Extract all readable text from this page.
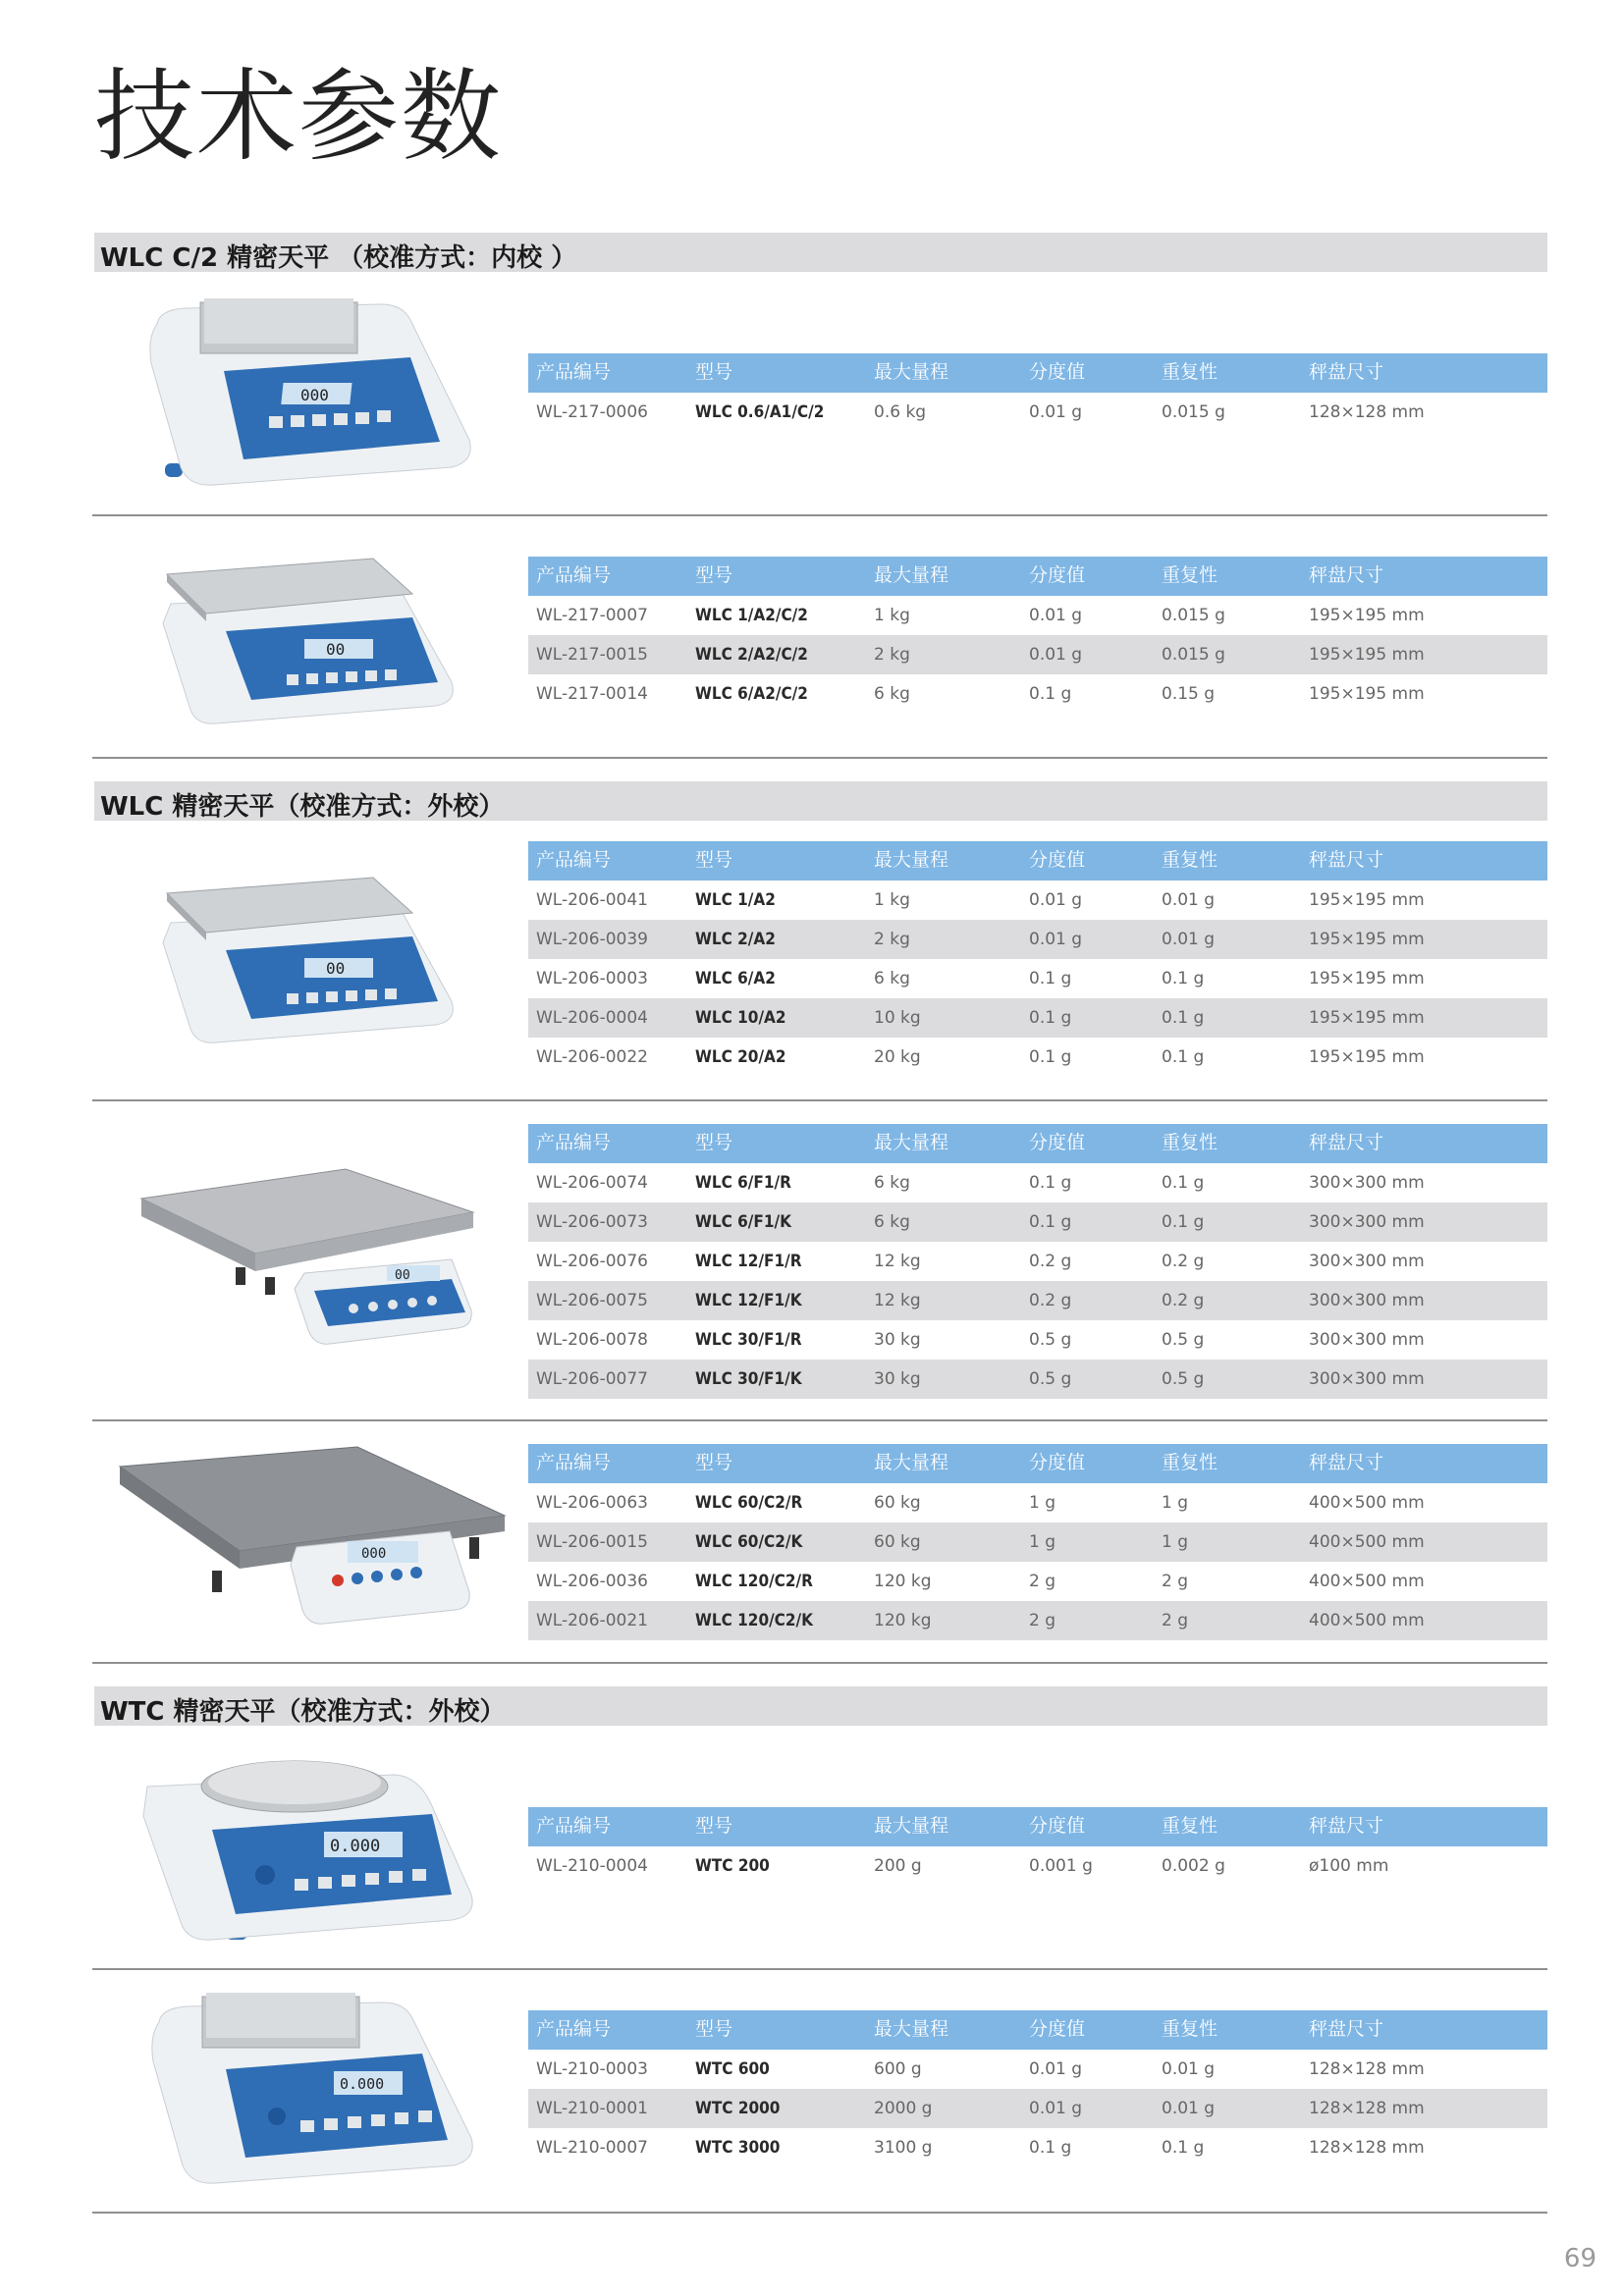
技术参数
WLC C/2 精密天平 （校准方式：内校 ）
WLC 精密天平（校准方式：外校）
WTC 精密天平（校准方式：外校）
产品编号	型号	最大量程	分度值	重复性	秤盘尺寸
WL-217-0006	WLC 0.6/A1/C/2	0.6 kg	0.01 g	0.015 g	128×128 mm
产品编号	型号	最大量程	分度值	重复性	秤盘尺寸
WL-217-0007	WLC 1/A2/C/2	1 kg	0.01 g	0.015 g	195×195 mm
WL-217-0015	WLC 2/A2/C/2	2 kg	0.01 g	0.015 g	195×195 mm
WL-217-0014	WLC 6/A2/C/2	6 kg	0.1 g	0.15 g	195×195 mm
产品编号	型号	最大量程	分度值	重复性	秤盘尺寸
WL-206-0041	WLC 1/A2	1 kg	0.01 g	0.01 g	195×195 mm
WL-206-0039	WLC 2/A2	2 kg	0.01 g	0.01 g	195×195 mm
WL-206-0003	WLC 6/A2	6 kg	0.1 g	0.1 g	195×195 mm
WL-206-0004	WLC 10/A2	10 kg	0.1 g	0.1 g	195×195 mm
WL-206-0022	WLC 20/A2	20 kg	0.1 g	0.1 g	195×195 mm
产品编号	型号	最大量程	分度值	重复性	秤盘尺寸
WL-206-0074	WLC 6/F1/R	6 kg	0.1 g	0.1 g	300×300 mm
WL-206-0073	WLC 6/F1/K	6 kg	0.1 g	0.1 g	300×300 mm
WL-206-0076	WLC 12/F1/R	12 kg	0.2 g	0.2 g	300×300 mm
WL-206-0075	WLC 12/F1/K	12 kg	0.2 g	0.2 g	300×300 mm
WL-206-0078	WLC 30/F1/R	30 kg	0.5 g	0.5 g	300×300 mm
WL-206-0077	WLC 30/F1/K	30 kg	0.5 g	0.5 g	300×300 mm
产品编号	型号	最大量程	分度值	重复性	秤盘尺寸
WL-206-0063	WLC 60/C2/R	60 kg	1 g	1 g	400×500 mm
WL-206-0015	WLC 60/C2/K	60 kg	1 g	1 g	400×500 mm
WL-206-0036	WLC 120/C2/R	120 kg	2 g	2 g	400×500 mm
WL-206-0021	WLC 120/C2/K	120 kg	2 g	2 g	400×500 mm
产品编号	型号	最大量程	分度值	重复性	秤盘尺寸
WL-210-0004	WTC 200	200 g	0.001 g	0.002 g	ø100 mm
产品编号	型号	最大量程	分度值	重复性	秤盘尺寸
WL-210-0003	WTC 600	600 g	0.01 g	0.01 g	128×128 mm
WL-210-0001	WTC 2000	2000 g	0.01 g	0.01 g	128×128 mm
WL-210-0007	WTC 3000	3100 g	0.1 g	0.1 g	128×128 mm
000
00
00
00
000
0.000
0.000
69
